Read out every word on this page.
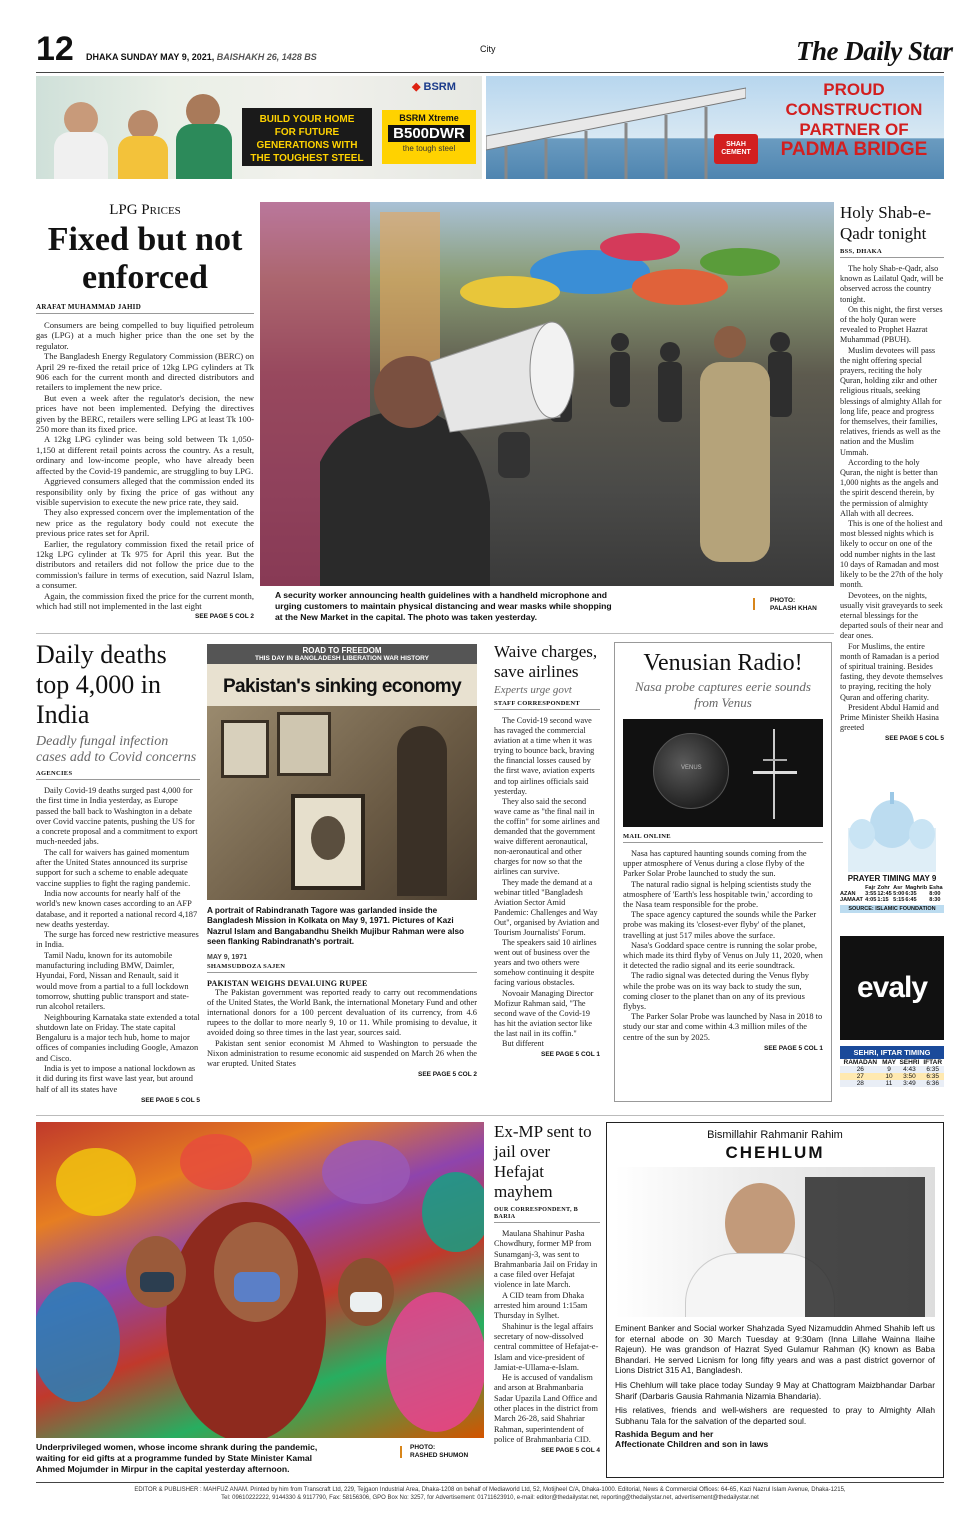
12 DHAKA SUNDAY MAY 9, 2021, BAISHAKH 26, 1428 BS
City	The Daily Star
◆ BSRM
BUILD YOUR HOME FOR FUTURE GENERATIONS WITH THE TOUGHEST STEEL
BSRM Xtreme
B500DWR
the tough steel	SHAH CEMENT
PROUD
CONSTRUCTION
PARTNER OF
PADMA BRIDGE
LPG Prices
Fixed but not enforced
ARAFAT MUHAMMAD JAHID

Consumers are being compelled to buy liquified petroleum gas (LPG) at a much higher price than the one set by the regulator.

The Bangladesh Energy Regulatory Commission (BERC) on April 29 re-fixed the retail price of 12kg LPG cylinders at Tk 906 each for the current month and directed distributors and retailers to implement the new price.

But even a week after the regulator's decision, the new prices have not been implemented. Defying the directives given by the BERC, retailers were selling LPG at least Tk 100-250 more than its fixed price.

A 12kg LPG cylinder was being sold between Tk 1,050-1,150 at different retail points across the country. As a result, ordinary and low-income people, who have already been affected by the Covid-19 pandemic, are struggling to buy LPG.

Aggrieved consumers alleged that the commission ended its responsibility only by fixing the price of gas without any visible supervision to execute the new price rate, they said.

They also expressed concern over the implementation of the new price as the regulatory body could not execute the previous price rates set for April.

Earlier, the regulatory commission fixed the retail price of 12kg LPG cylinder at Tk 975 for April this year. But the distributors and retailers did not follow the price due to the commission's failure in terms of execution, said Nazrul Islam, a consumer.

Again, the commission fixed the price for the current month, which had still not implemented in the last eight

SEE PAGE 5 COL 2
A security worker announcing health guidelines with a handheld microphone and urging customers to maintain physical distancing and wear masks while shopping at the New Market in the capital. The photo was taken yesterday.
PHOTO:
PALASH KHAN
Holy Shab-e-Qadr tonight
BSS, DHAKA

The holy Shab-e-Qadr, also known as Lailatul Qadr, will be observed across the country tonight.

On this night, the first verses of the holy Quran were revealed to Prophet Hazrat Muhammad (PBUH).

Muslim devotees will pass the night offering special prayers, reciting the holy Quran, holding zikr and other religious rituals, seeking blessings of almighty Allah for long life, peace and progress for themselves, their families, relatives, friends as well as the nation and the Muslim Ummah.

According to the holy Quran, the night is better than 1,000 nights as the angels and the spirit descend therein, by the permission of almighty Allah with all decrees.

This is one of the holiest and most blessed nights which is likely to occur on one of the odd number nights in the last 10 days of Ramadan and most likely to be the 27th of the holy month.

Devotees, on the nights, usually visit graveyards to seek eternal blessings for the departed souls of their near and dear ones.

For Muslims, the entire month of Ramadan is a period of spiritual training. Besides fasting, they devote themselves to praying, reciting the holy Quran and offering charity.

President Abdul Hamid and Prime Minister Sheikh Hasina greeted

SEE PAGE 5 COL 5
Daily deaths top 4,000 in India
Deadly fungal infection cases add to Covid concerns
AGENCIES

Daily Covid-19 deaths surged past 4,000 for the first time in India yesterday, as Europe passed the ball back to Washington in a debate over Covid vaccine patents, pushing the US for a concrete proposal and a commitment to export much-needed jabs.

The call for waivers has gained momentum after the United States announced its surprise support for such a scheme to enable adequate vaccine supplies to fight the raging pandemic.

India now accounts for nearly half of the world's new known cases according to an AFP database, and it reported a national record 4,187 new deaths yesterday.

The surge has forced new restrictive measures in India.

Tamil Nadu, known for its automobile manufacturing including BMW, Daimler, Hyundai, Ford, Nissan and Renault, said it would move from a partial to a full lockdown tomorrow, shutting public transport and state-run alcohol retailers.

Neighbouring Karnataka state extended a total shutdown late on Friday. The state capital Bengaluru is a major tech hub, home to major offices of companies including Google, Amazon and Cisco.

India is yet to impose a national lockdown as it did during its first wave last year, but around half of all its states have

SEE PAGE 5 COL 5
ROAD TO FREEDOM
THIS DAY IN BANGLADESH LIBERATION WAR HISTORY
Pakistan's sinking economy
A portrait of Rabindranath Tagore was garlanded inside the Bangladesh Mission in Kolkata on May 9, 1971. Pictures of Kazi Nazrul Islam and Bangabandhu Sheikh Mujibur Rahman were also seen flanking Rabindranath's portrait.
MAY 9, 1971
SHAMSUDDOZA SAJEN
PAKISTAN WEIGHS DEVALUING RUPEE

The Pakistan government was reported ready to carry out recommendations of the United States, the World Bank, the international Monetary Fund and other international donors for a 100 percent devaluation of its currency, from 4.6 rupees to the dollar to more nearly 9, 10 or 11. While promising to devalue, it avoided doing so three times in the last year, sources said.

Pakistan sent senior economist M Ahmed to Washington to persuade the Nixon administration to resume economic aid suspended on March 26 when the war erupted. United States

SEE PAGE 5 COL 2
Waive charges, save airlines
Experts urge govt
STAFF CORRESPONDENT

The Covid-19 second wave has ravaged the commercial aviation at a time when it was trying to bounce back, braving the financial losses caused by the first wave, aviation experts and top airlines officials said yesterday.

They also said the second wave came as "the final nail in the coffin" for some airlines and demanded that the government waive different aeronautical, non-aeronautical and other charges for now so that the airlines can survive.

They made the demand at a webinar titled "Bangladesh Aviation Sector Amid Pandemic: Challenges and Way Out", organised by Aviation and Tourism Journalists' Forum.

The speakers said 10 airlines went out of business over the years and two others were somehow continuing it despite facing various obstacles.

Novoair Managing Director Mofizur Rahman said, "The second wave of the Covid-19 has hit the aviation sector like the last nail in its coffin."

But different

SEE PAGE 5 COL 1
Venusian Radio!
Nasa probe captures eerie sounds from Venus
VENUS
MAIL ONLINE

Nasa has captured haunting sounds coming from the upper atmosphere of Venus during a close flyby of the Parker Solar Probe launched to study the sun.

The natural radio signal is helping scientists study the atmosphere of 'Earth's less hospitable twin,' according to the Nasa team responsible for the probe.

The space agency captured the sounds while the Parker probe was making its 'closest-ever flyby' of the planet, travelling at just 517 miles above the surface.

Nasa's Goddard space centre is running the solar probe, which made its third flyby of Venus on July 11, 2020, when it detected the radio signal and its eerie soundtrack.

The radio signal was detected during the Venus flyby while the probe was on its way back to study the sun, coming closer to the planet than on any of its previous flybys.

The Parker Solar Probe was launched by Nasa in 2018 to study our star and come within 4.3 million miles of the centre of the sun by 2025.

SEE PAGE 5 COL 1
PRAYER TIMING MAY 9
	Fajr	Zohr	Asr	Maghrib	Esha
AZAN	3:55	12:45	5:00	6:35	8:00
JAMAAT	4:05	1:15	5:15	6:45	8:30
SOURCE: ISLAMIC FOUNDATION
evaly
SEHRI, IFTAR TIMING
RAMADAN	MAY	SEHRI	IFTAR
26	9	4:43	6:35
27	10	3:50	6:35
28	11	3:49	6:36
Underprivileged women, whose income shrank during the pandemic, waiting for eid gifts at a programme funded by State Minister Kamal Ahmed Mojumder in Mirpur in the capital yesterday afternoon.
PHOTO:
RASHED SHUMON
Ex-MP sent to jail over Hefajat mayhem
OUR CORRESPONDENT, B BARIA

Maulana Shahinur Pasha Chowdhury, former MP from Sunamganj-3, was sent to Brahmanbaria Jail on Friday in a case filed over Hefajat violence in late March.

A CID team from Dhaka arrested him around 1:15am Thursday in Sylhet.

Shahinur is the legal affairs secretary of now-dissolved central committee of Hefajat-e-Islam and vice-president of Jamiat-e-Ullama-e-Islam.

He is accused of vandalism and arson at Brahmanbaria Sadar Upazila Land Office and other places in the district from March 26-28, said Shahriar Rahman, superintendent of police of Brahmanbaria CID.

SEE PAGE 5 COL 4
Bismillahir Rahmanir Rahim
CHEHLUM
Eminent Banker and Social worker Shahzada Syed Nizamuddin Ahmed Shahib left us for eternal abode on 30 March Tuesday at 9:30am (Inna Lillahe Wainna Ilaihe Rajeun). He was grandson of Hazrat Syed Gulamur Rahman (K) known as Baba Bhandari. He served Licnism for long fifty years and was a past district governor of Lions District 315 A1, Bangladesh.
His Chehlum will take place today Sunday 9 May at Chattogram Maizbhandar Darbar Sharif (Darbaris Gausia Rahmania Nizamia Bhandaria).
His relatives, friends and well-wishers are requested to pray to Almighty Allah Subhanu Tala for the salvation of the departed soul.
Rashida Begum and her
Affectionate Children and son in laws
EDITOR & PUBLISHER : MAHFUZ ANAM. Printed by him from Transcraft Ltd, 229, Tejgaon Industrial Area, Dhaka-1208 on behalf of Mediaworld Ltd, 52, Motijheel C/A, Dhaka-1000. Editorial, News & Commercial Offices: 64-65, Kazi Nazrul Islam Avenue, Dhaka-1215,
Tel: 09610222222, 9144330 & 9117790, Fax: 58156306, GPO Box No: 3257, for Advertisement: 01711623910, e-mail: editor@thedailystar.net, reporting@thedailystar.net, advertisement@thedailystar.net
